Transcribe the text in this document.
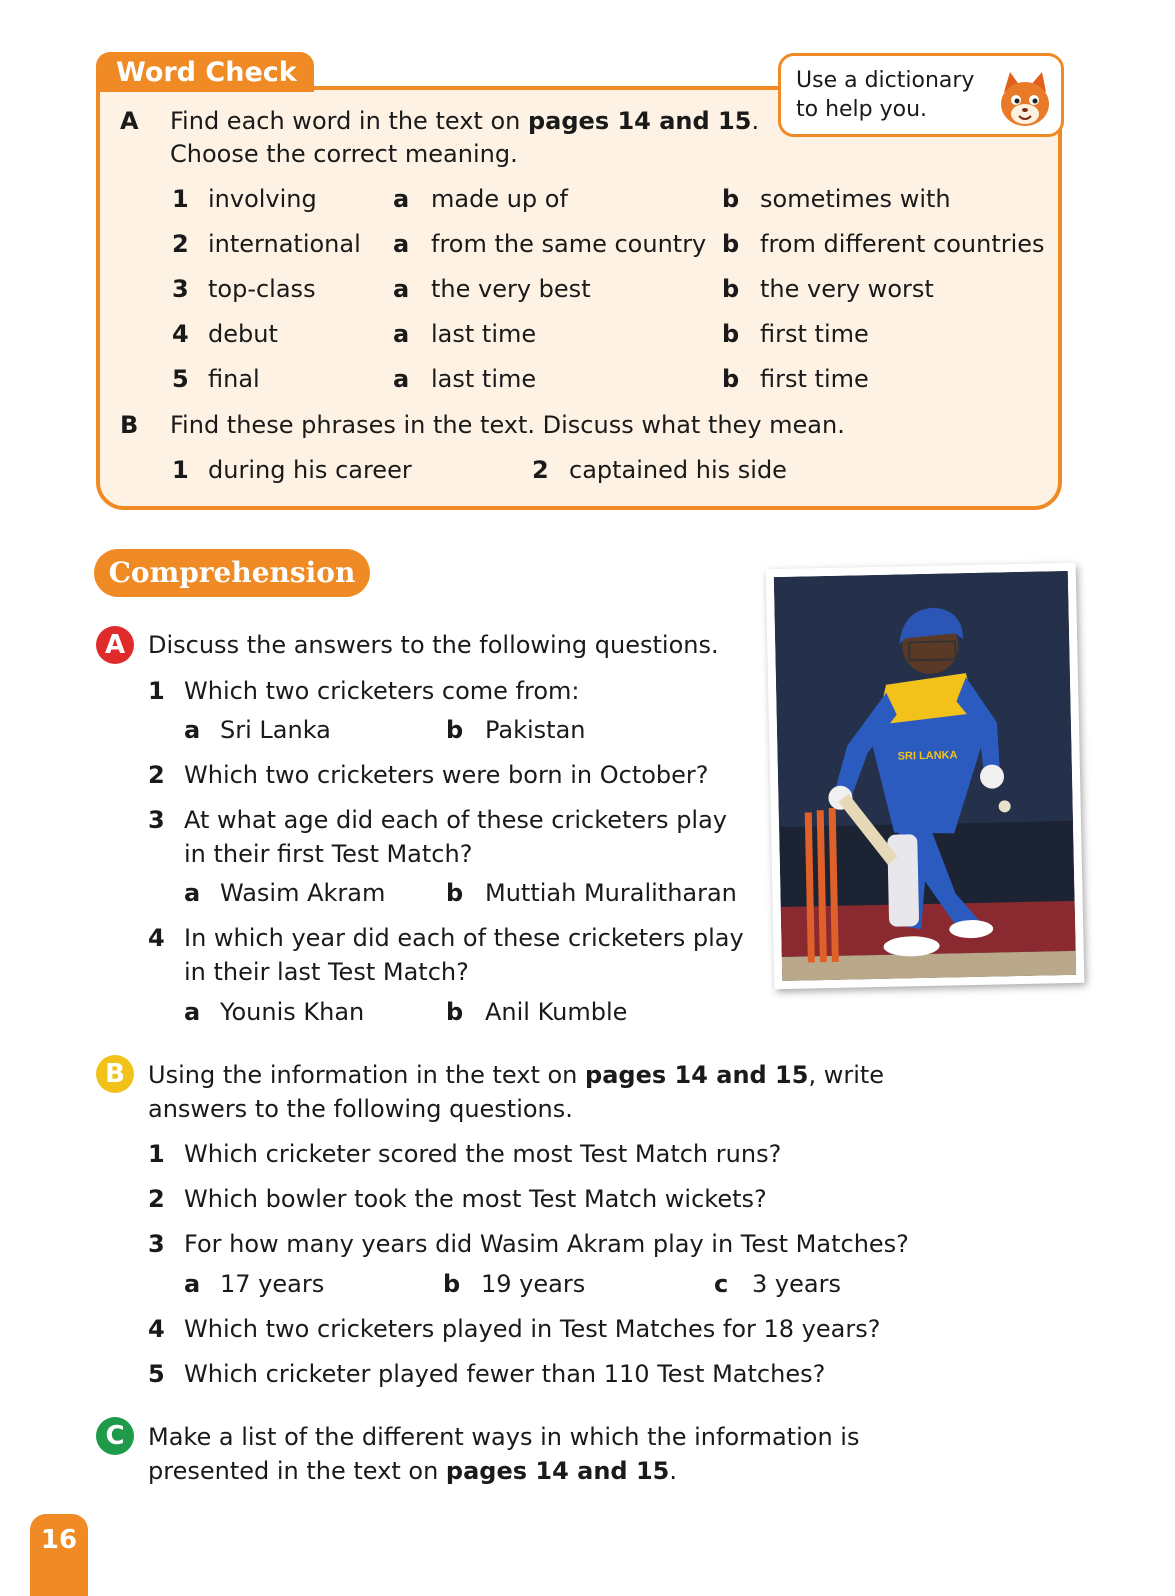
Word Check	Use a dictionary
to help you.
A Find each word in the text on pages 14 and 15.
Choose the correct meaning.
1 involving	a made up of	b sometimes with
2 international a from the same country b from different countries
3 top-class	a the very best	b the very worst
4 debut	a last time	b first time
5 final	a last time	b first time
B Find these phrases in the text. Discuss what they mean.
1 during his career	2 captained his side
Comprehension
A Discuss the answers to the following questions.
1 Which two cricketers come from:
a Sri Lanka	b Pakistan
2 Which two cricketers were born in October?
3 At what age did each of these cricketers play
in their first Test Match?
a Wasim Akram	b Muttiah Muralitharan
4 In which year did each of these cricketers play
in their last Test Match?
a Younis Khan	b Anil Kumble
SRI LANKA
B Using the information in the text on pages 14 and 15, write
answers to the following questions.
1 Which cricketer scored the most Test Match runs?
2 Which bowler took the most Test Match wickets?
3 For how many years did Wasim Akram play in Test Matches?
a 17 years	b 19 years	c 3 years
4 Which two cricketers played in Test Matches for 18 years?
5 Which cricketer played fewer than 110 Test Matches?
C Make a list of the different ways in which the information is
presented in the text on pages 14 and 15.
16
